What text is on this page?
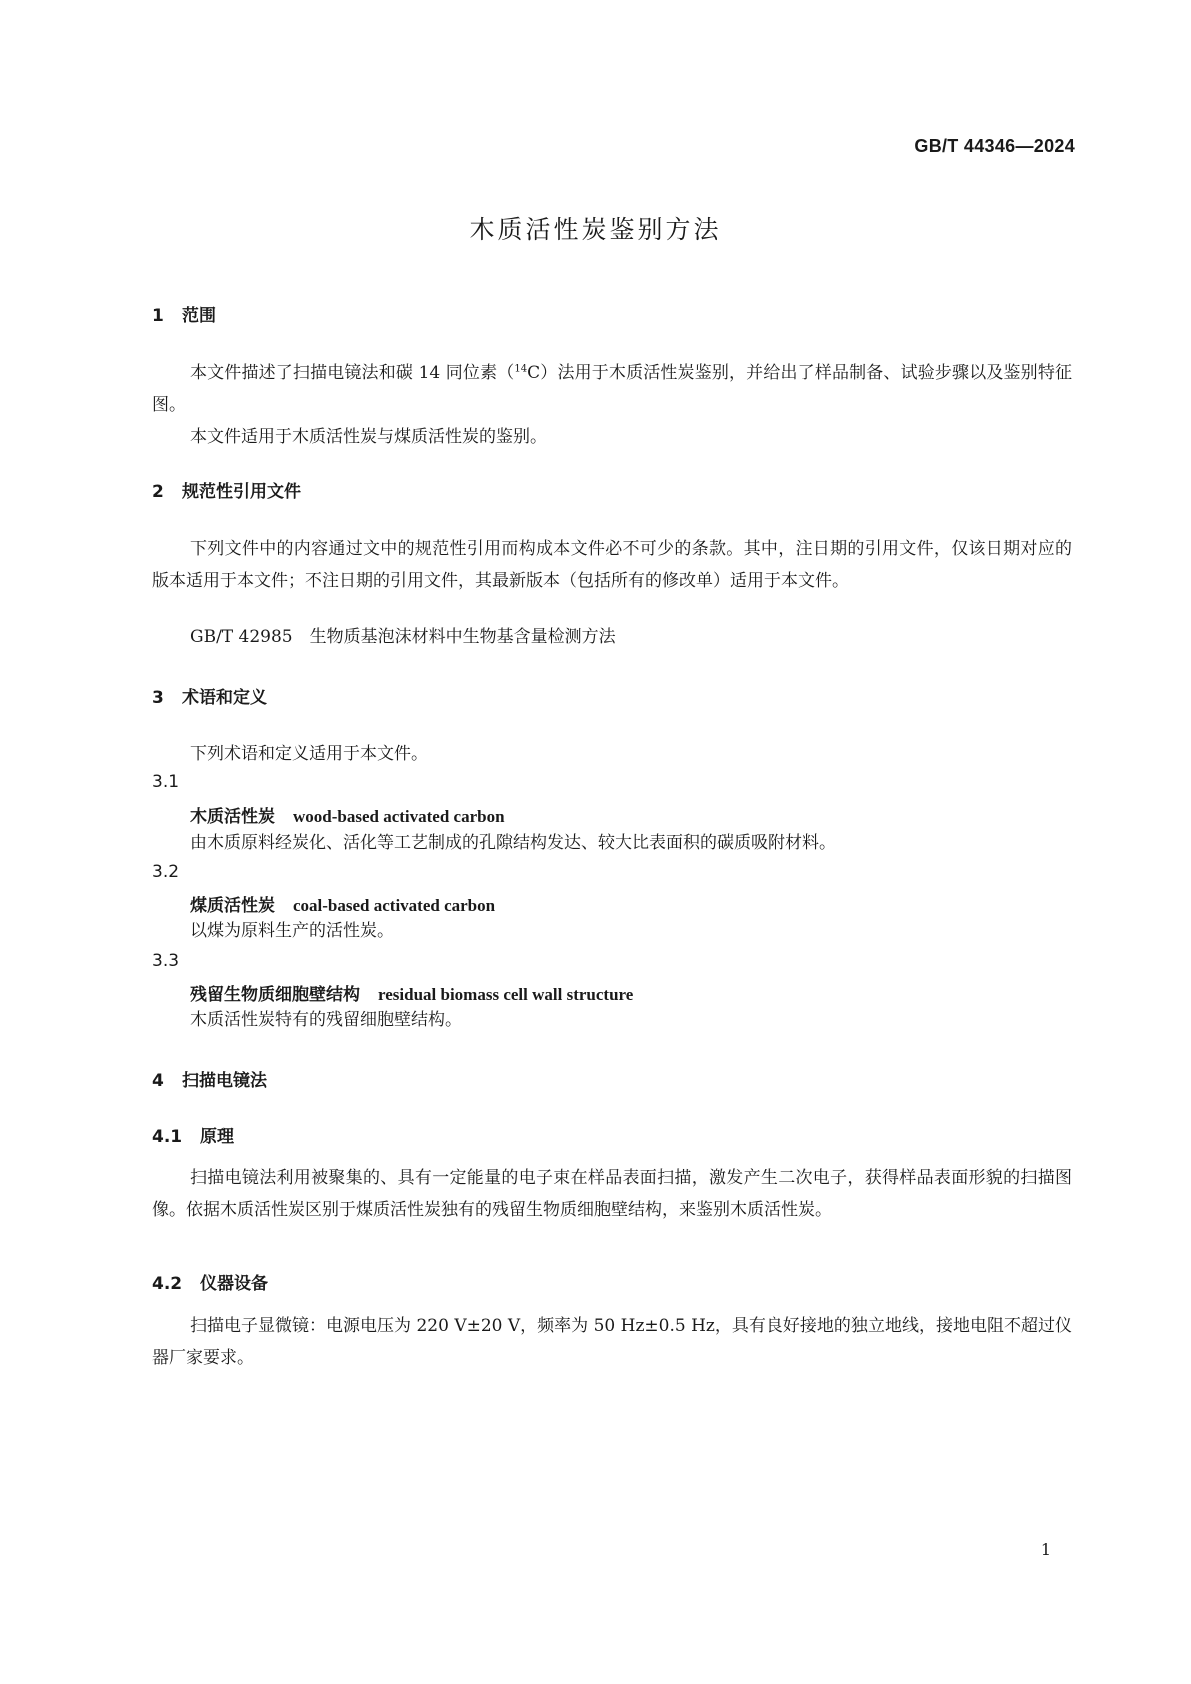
GB/T 44346—2024
木质活性炭鉴别方法
1 范围
本文件描述了扫描电镜法和碳 14 同位素（$^{14}$C）法用于木质活性炭鉴别，并给出了样品制备、试验步骤以及鉴别特征图。
本文件适用于木质活性炭与煤质活性炭的鉴别。
2 规范性引用文件
下列文件中的内容通过文中的规范性引用而构成本文件必不可少的条款。其中，注日期的引用文件，仅该日期对应的版本适用于本文件；不注日期的引用文件，其最新版本（包括所有的修改单）适用于本文件。
GB/T 42985　生物质基泡沫材料中生物基含量检测方法
3 术语和定义
下列术语和定义适用于本文件。
3.1
木质活性炭 wood-based activated carbon
由木质原料经炭化、活化等工艺制成的孔隙结构发达、较大比表面积的碳质吸附材料。
3.2
煤质活性炭 coal-based activated carbon
以煤为原料生产的活性炭。
3.3
残留生物质细胞壁结构 residual biomass cell wall structure
木质活性炭特有的残留细胞壁结构。
4 扫描电镜法
4.1 原理
扫描电镜法利用被聚集的、具有一定能量的电子束在样品表面扫描，激发产生二次电子，获得样品表面形貌的扫描图像。依据木质活性炭区别于煤质活性炭独有的残留生物质细胞壁结构，来鉴别木质活性炭。
4.2 仪器设备
扫描电子显微镜：电源电压为 220 V±20 V，频率为 50 Hz±0.5 Hz，具有良好接地的独立地线，接地电阻不超过仪器厂家要求。
1
